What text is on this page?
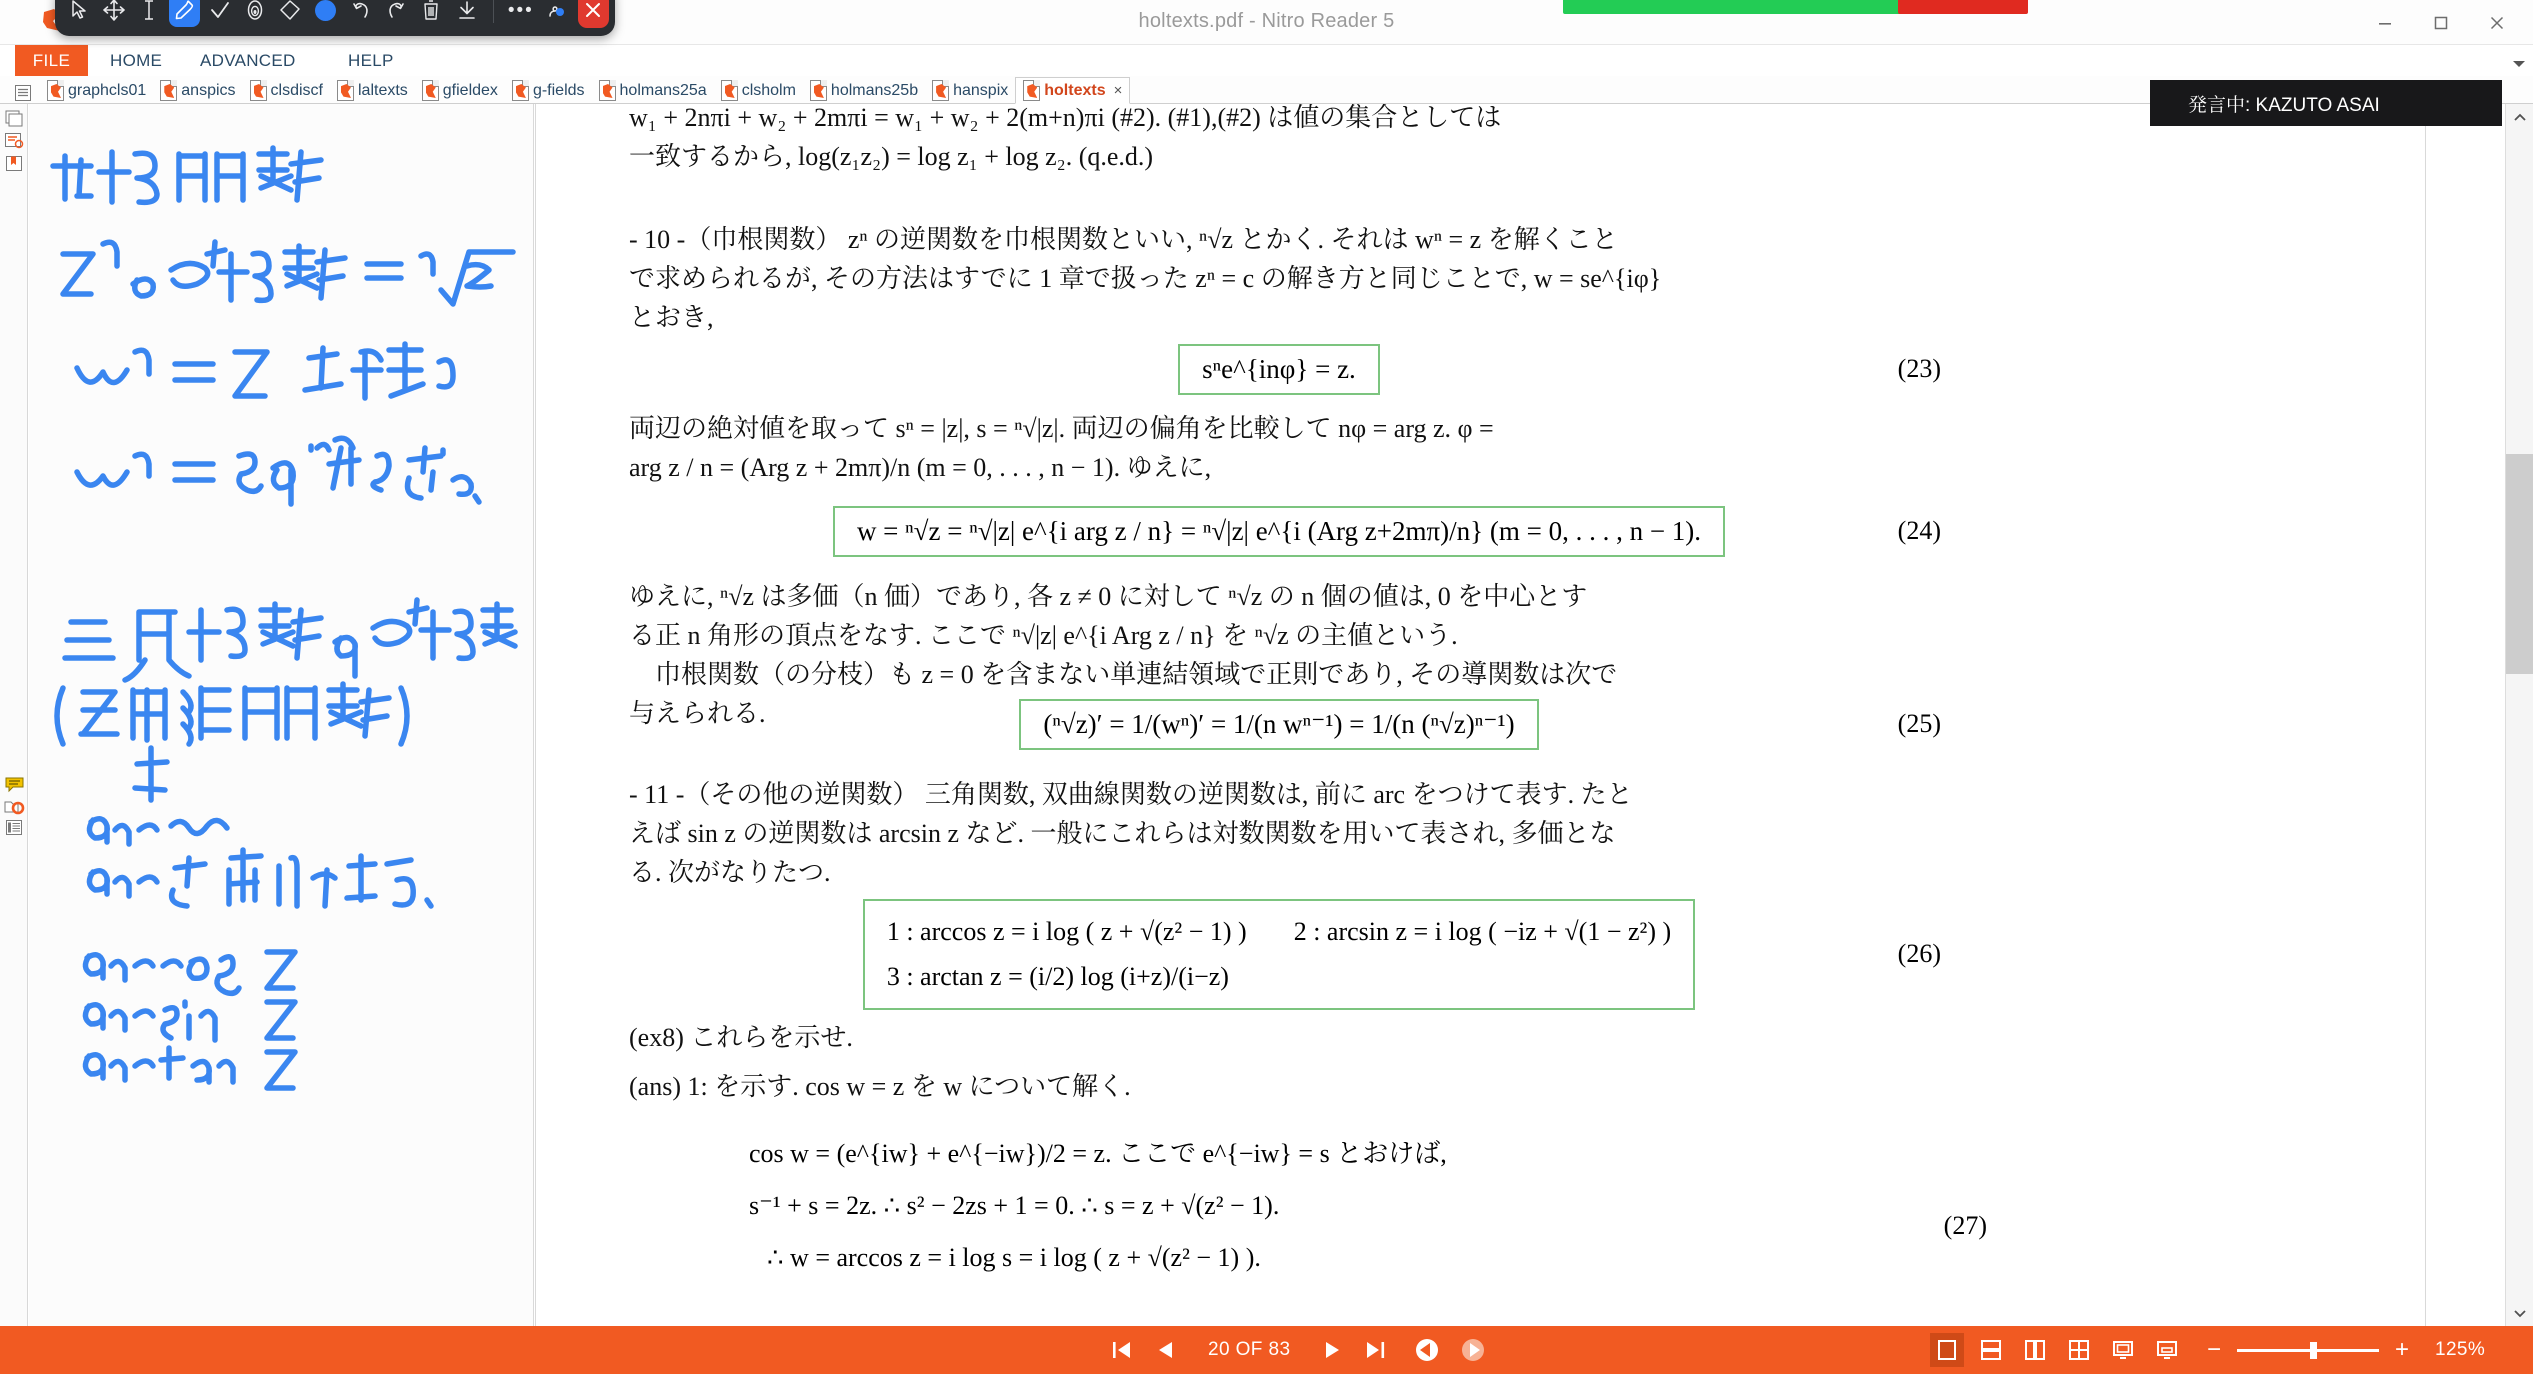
holtexts.pdf - Nitro Reader 5
•••
FILE	HOME ADVANCED	HELP
graphcls01 anspics clsdiscf laltexts gfieldex g-fields holmans25a clsholm holmans25b hanspix holtexts ×
発言中: KAZUTO ASAI
w₁ + 2nπi + w₂ + 2mπi = w₁ + w₂ + 2(m+n)πi (#2). (#1),(#2) は値の集合としては
一致するから, log(z₁z₂) = log z₁ + log z₂. (q.e.d.)
- 10 -（巾根関数） zⁿ の逆関数を巾根関数といい, ⁿ√z とかく. それは wⁿ = z を解くこと
で求められるが, その方法はすでに 1 章で扱った zⁿ = c の解き方と同じことで, w = se^{iφ}
とおき,
sⁿe^{inφ} = z.	(23)
両辺の絶対値を取って sⁿ = |z|, s = ⁿ√|z|. 両辺の偏角を比較して nφ = arg z. φ =
arg z / n = (Arg z + 2mπ)/n (m = 0, . . . , n − 1). ゆえに,
w = ⁿ√z = ⁿ√|z| e^{i arg z / n} = ⁿ√|z| e^{i (Arg z+2mπ)/n} (m = 0, . . . , n − 1).	(24)
ゆえに, ⁿ√z は多価（n 価）であり, 各 z ≠ 0 に対して ⁿ√z の n 個の値は, 0 を中心とす
る正 n 角形の頂点をなす. ここで ⁿ√|z| e^{i Arg z / n} を ⁿ√z の主値という.
　巾根関数（の分枝）も z = 0 を含まない単連結領域で正則であり, その導関数は次で
与えられる.	(ⁿ√z)′ = 1/(wⁿ)′ = 1/(n wⁿ⁻¹) = 1/(n (ⁿ√z)ⁿ⁻¹)	(25)
- 11 -（その他の逆関数） 三角関数, 双曲線関数の逆関数は, 前に arc をつけて表す. たと
えば sin z の逆関数は arcsin z など. 一般にこれらは対数関数を用いて表され, 多価とな
る. 次がなりたつ.
1 : arccos z = i log ( z + √(z² − 1) ) 2 : arcsin z = i log ( −iz + √(1 − z²) )
3 : arctan z = (i/2) log (i+z)/(i−z)
(26)
(ex8) これらを示せ.
(ans) 1: を示す. cos w = z を w について解く.
cos w = (e^{iw} + e^{−iw})/2 = z. ここで e^{−iw} = s とおけば,
s⁻¹ + s = 2z. ∴ s² − 2zs + 1 = 0. ∴ s = z + √(z² − 1).
∴ w = arccos z = i log s = i log ( z + √(z² − 1) ).
(27)
20 OF 83	−	+ 125%
